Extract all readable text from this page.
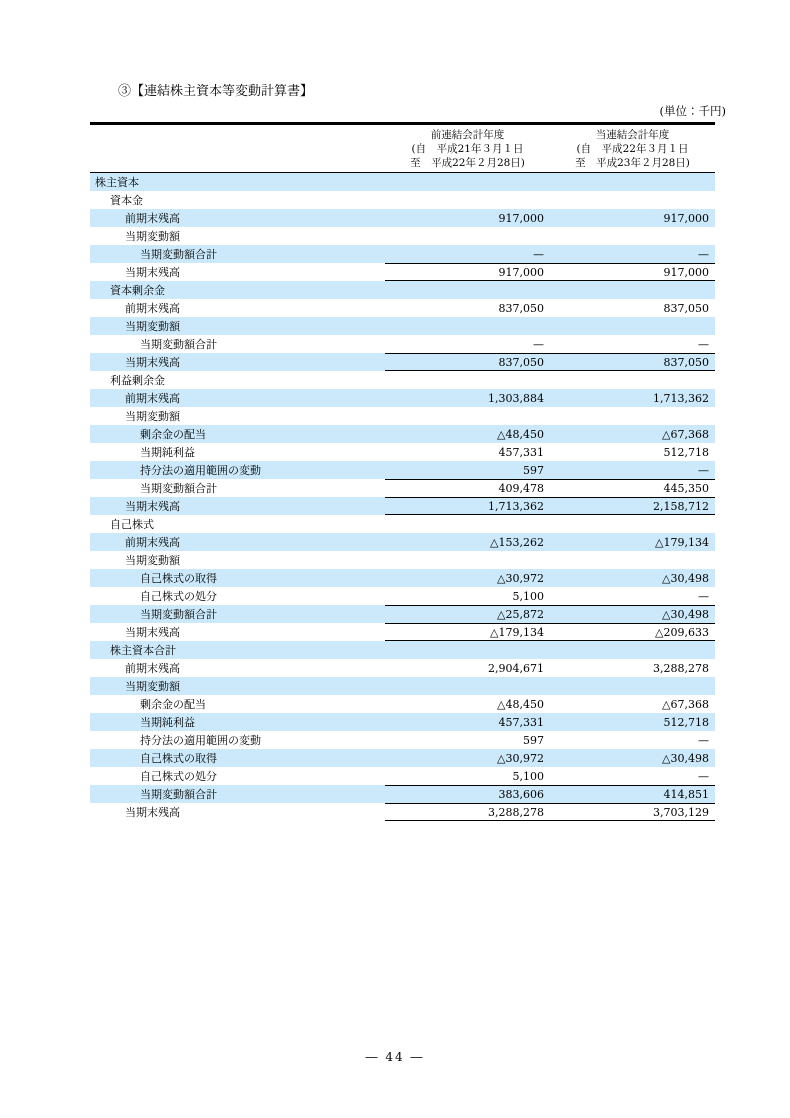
③【連結株主資本等変動計算書】
(単位：千円)
前連結会計年度
(自　平成21年３月１日
至　平成22年２月28日)
当連結会計年度
(自　平成22年３月１日
至　平成23年２月28日)
株主資本
資本金
前期末残高	917,000	917,000
当期変動額
当期変動額合計	—	—
当期末残高	917,000	917,000
資本剰余金
前期末残高	837,050	837,050
当期変動額
当期変動額合計	—	—
当期末残高	837,050	837,050
利益剰余金
前期末残高	1,303,884	1,713,362
当期変動額
剰余金の配当	△48,450	△67,368
当期純利益	457,331	512,718
持分法の適用範囲の変動	597	—
当期変動額合計	409,478	445,350
当期末残高	1,713,362	2,158,712
自己株式
前期末残高	△153,262	△179,134
当期変動額
自己株式の取得	△30,972	△30,498
自己株式の処分	5,100	—
当期変動額合計	△25,872	△30,498
当期末残高	△179,134	△209,633
株主資本合計
前期末残高	2,904,671	3,288,278
当期変動額
剰余金の配当	△48,450	△67,368
当期純利益	457,331	512,718
持分法の適用範囲の変動	597	—
自己株式の取得	△30,972	△30,498
自己株式の処分	5,100	—
当期変動額合計	383,606	414,851
当期末残高	3,288,278	3,703,129
― 44 ―
